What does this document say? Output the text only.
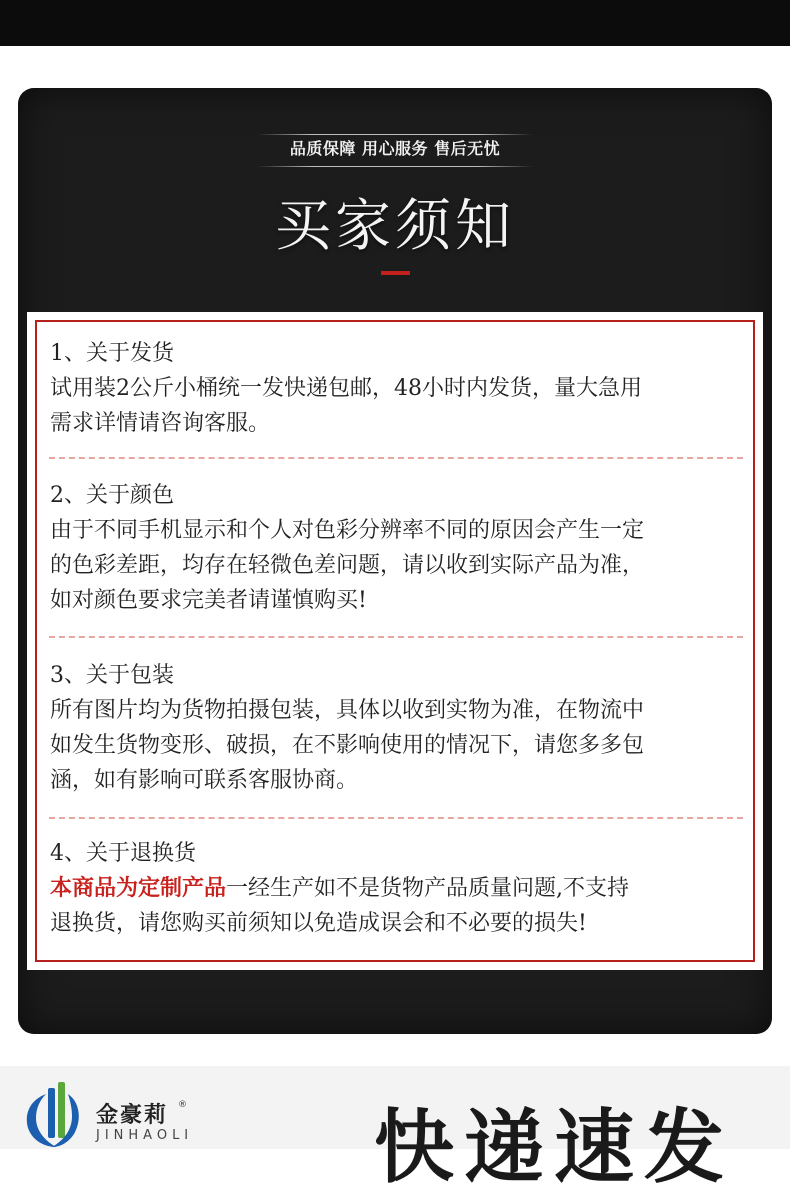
品质保障 用心服务 售后无忧
买家须知
1、关于发货
试用装2公斤小桶统一发快递包邮，48小时内发货，量大急用
需求详情请咨询客服。
2、关于颜色
由于不同手机显示和个人对色彩分辨率不同的原因会产生一定
的色彩差距，均存在轻微色差问题，请以收到实际产品为准，
如对颜色要求完美者请谨慎购买!
3、关于包装
所有图片均为货物拍摄包装，具体以收到实物为准，在物流中
如发生货物变形、破损，在不影响使用的情况下，请您多多包
涵，如有影响可联系客服协商。
4、关于退换货
本商品为定制产品一经生产如不是货物产品质量问题,不支持
退换货，请您购买前须知以免造成误会和不必要的损失!
金豪莉 ®
JINHAOLI 快递速发
